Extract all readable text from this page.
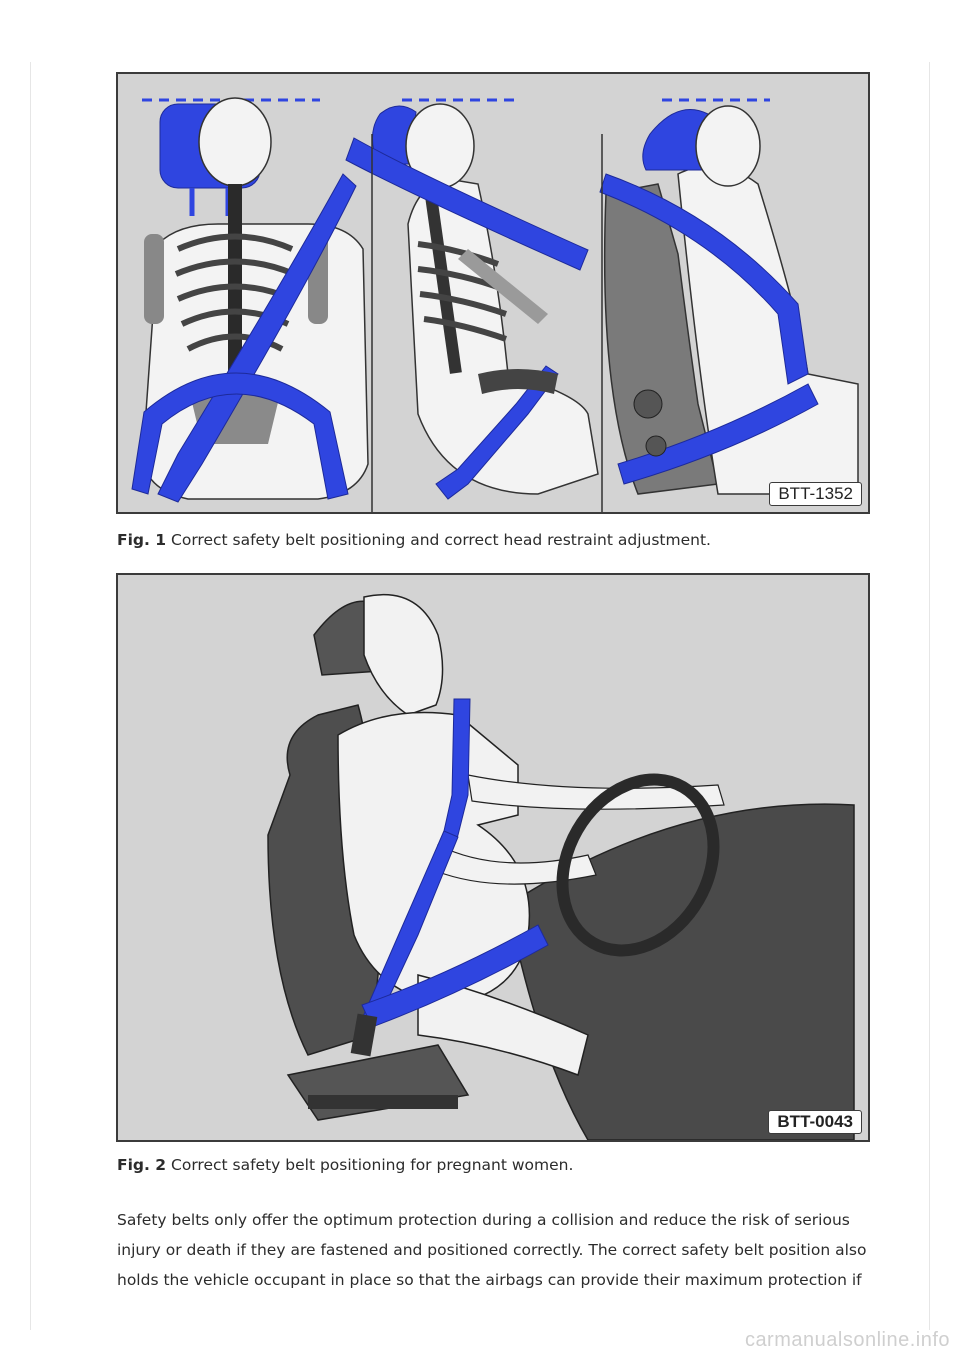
BTT-1352
Fig. 1 Correct safety belt positioning and correct head restraint adjustment.
BTT-0043
Fig. 2 Correct safety belt positioning for pregnant women.

Safety belts only offer the optimum protection during a collision and reduce the risk of serious

injury or death if they are fastened and positioned correctly. The correct safety belt position also

holds the vehicle occupant in place so that the airbags can provide their maximum protection if

carmanualsonline.info
